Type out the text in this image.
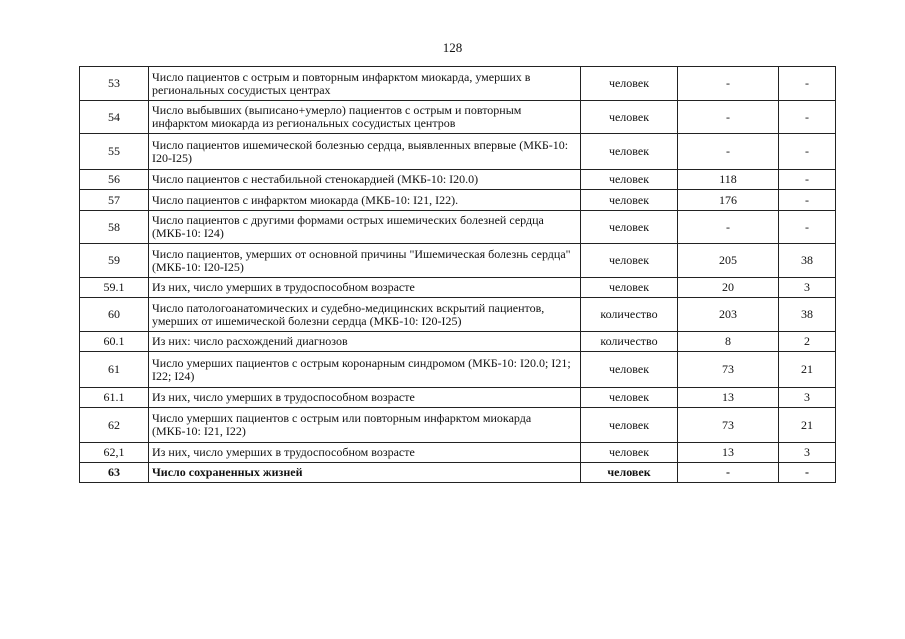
128
53	Число пациентов с острым и повторным инфарктом миокарда, умерших в региональных сосудистых центрах	человек	-	-
54	Число выбывших (выписано+умерло) пациентов с острым и повторным инфарктом миокарда из региональных сосудистых центров	человек	-	-
55	Число пациентов ишемической болезнью сердца, выявленных впервые (МКБ-10: I20-I25)	человек	-	-
56	Число пациентов с нестабильной стенокардией (МКБ-10: I20.0)	человек	118	-
57	Число пациентов с инфарктом миокарда (МКБ-10: I21, I22).	человек	176	-
58	Число пациентов с другими формами острых ишемических болезней сердца (МКБ-10: I24)	человек	-	-
59	Число пациентов, умерших от основной причины "Ишемическая болезнь сердца" (МКБ-10: I20-I25)	человек	205	38
59.1	Из них, число умерших в трудоспособном возрасте	человек	20	3
60	Число патологоанатомических и судебно-медицинских вскрытий пациентов, умерших от ишемической болезни сердца (МКБ-10: I20-I25)	количество	203	38
60.1	Из них: число расхождений диагнозов	количество	8	2
61	Число умерших пациентов с острым коронарным синдромом (МКБ-10: I20.0; I21; I22; I24)	человек	73	21
61.1	Из них, число умерших в трудоспособном возрасте	человек	13	3
62	Число умерших пациентов с острым или повторным инфарктом миокарда (МКБ-10: I21, I22)	человек	73	21
62,1	Из них, число умерших в трудоспособном возрасте	человек	13	3
63	Число сохраненных жизней	человек	-	-
